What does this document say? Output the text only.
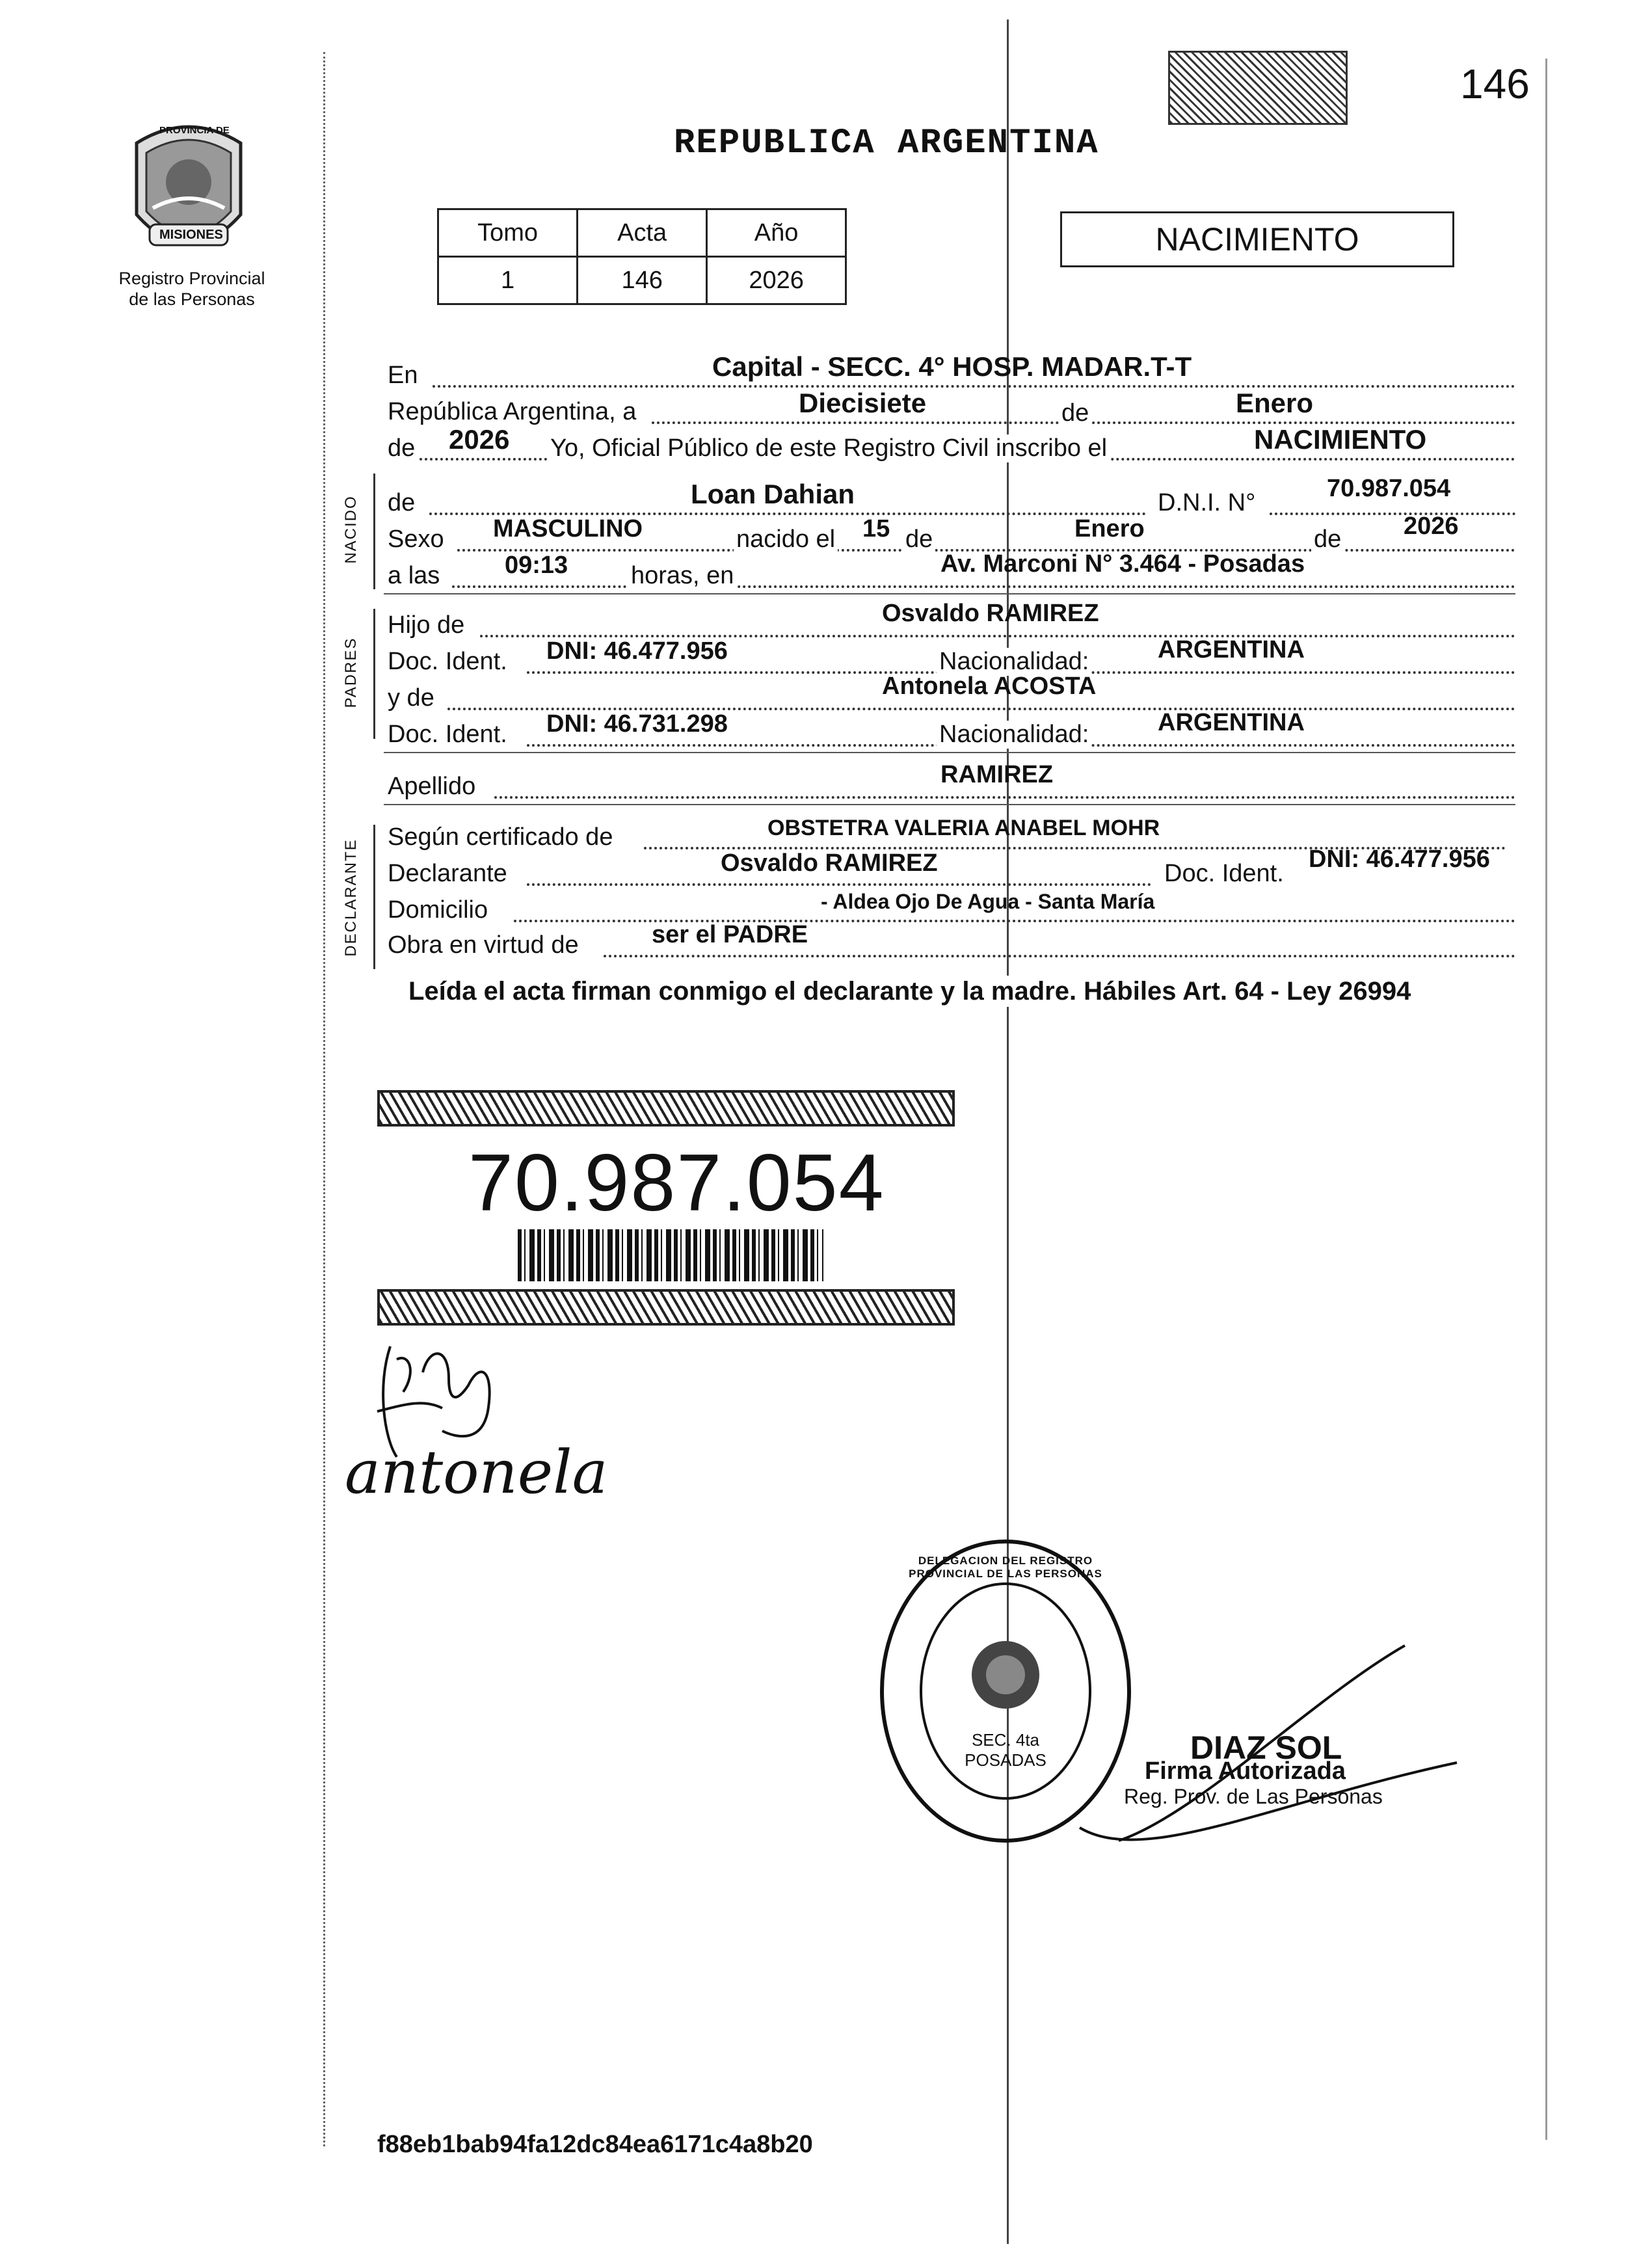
PROVINCIA DE
MISIONES
Registro Provincial
de las Personas
146
REPUBLICA ARGENTINA
Tomo	Acta	Año
1	146	2026
NACIMIENTO
En	Capital - SECC. 4° HOSP. MADAR.T-T
República Argentina, a	Diecisiete	de	Enero
de 2026 Yo, Oficial Público de este Registro Civil inscribo el	NACIMIENTO
NACIDO de	Loan Dahian	D.N.I. N°
70.987.054
Sexo MASCULINO	nacido el 15 de	Enero	de	2026
a las	09:13	horas, en	Av. Marconi N° 3.464 - Posadas
PADRES
Hijo de	Osvaldo RAMIREZ
Doc. Ident. DNI: 46.477.956	Nacionalidad:	ARGENTINA
y de	Antonela ACOSTA
Doc. Ident. DNI: 46.731.298	Nacionalidad:	ARGENTINA
Apellido	RAMIREZ
DECLARANTE
Según certificado de	OBSTETRA VALERIA ANABEL MOHR
Declarante	Osvaldo RAMIREZ	Doc. Ident.
DNI: 46.477.956
Domicilio	- Aldea Ojo De Agua - Santa María
Obra en virtud de	ser el PADRE
Leída el acta firman conmigo el declarante y la madre. Hábiles Art. 64 - Ley 26994
70.987.054
antonela
DELEGACION DEL REGISTRO PROVINCIAL DE LAS PERSONAS
SEC. 4ta POSADAS	DIAZ SOL
Firma Autorizada
Reg. Prov. de Las Personas
f88eb1bab94fa12dc84ea6171c4a8b20
